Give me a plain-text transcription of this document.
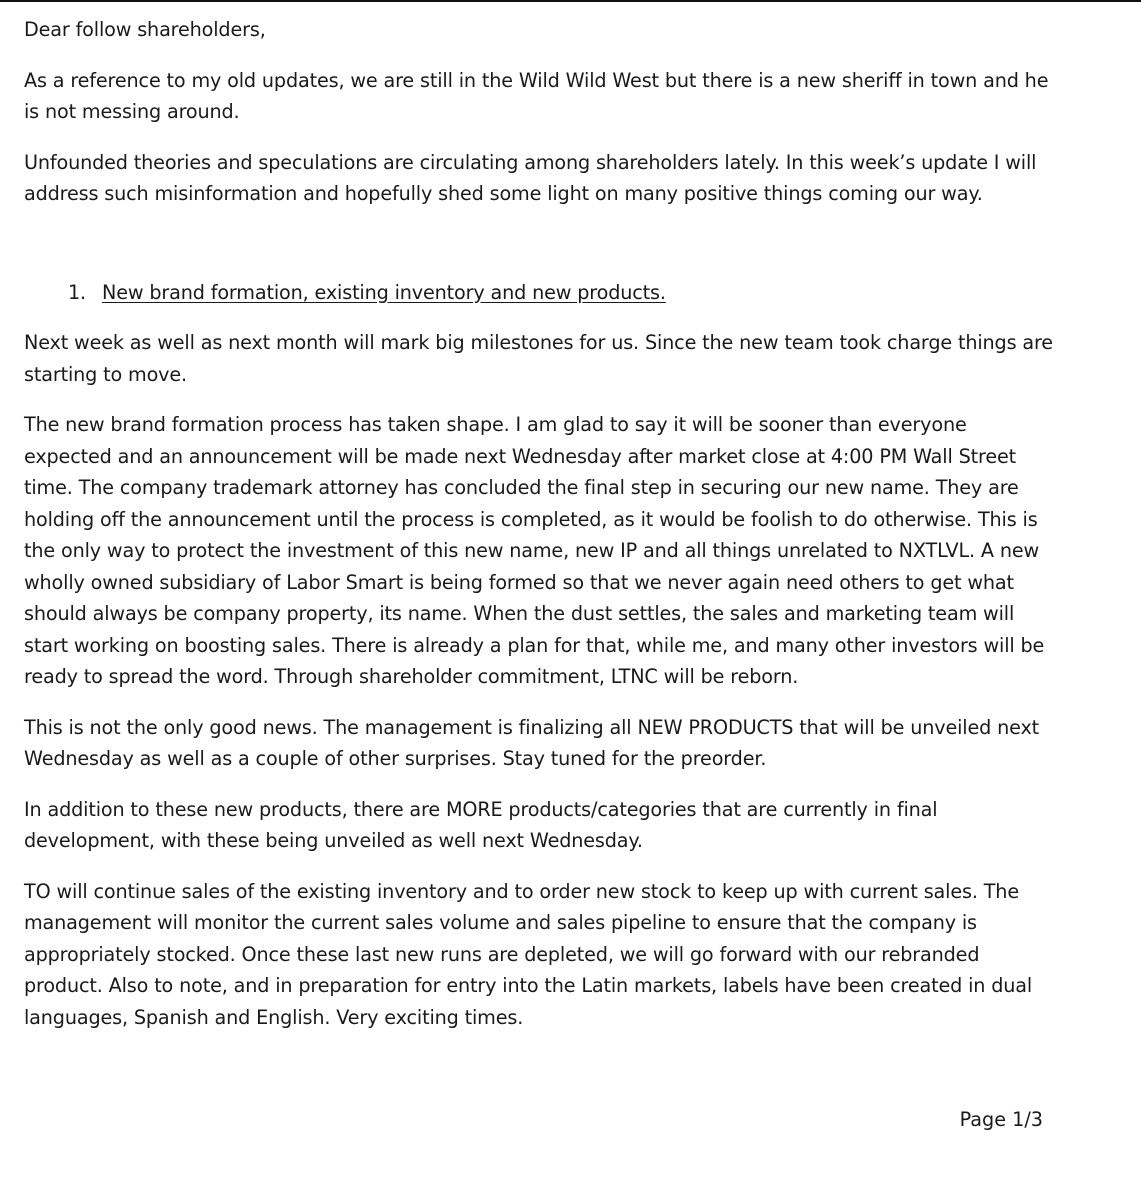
Dear follow shareholders,

As a reference to my old updates, we are still in the Wild Wild West but there is a new sheriff in town and he is not messing around.

Unfounded theories and speculations are circulating among shareholders lately. In this week’s update I will address such misinformation and hopefully shed some light on many positive things coming our way.

1. New brand formation, existing inventory and new products.

Next week as well as next month will mark big milestones for us. Since the new team took charge things are starting to move.

The new brand formation process has taken shape. I am glad to say it will be sooner than everyone expected and an announcement will be made next Wednesday after market close at 4:00 PM Wall Street time. The company trademark attorney has concluded the final step in securing our new name. They are holding off the announcement until the process is completed, as it would be foolish to do otherwise. This is the only way to protect the investment of this new name, new IP and all things unrelated to NXTLVL. A new wholly owned subsidiary of Labor Smart is being formed so that we never again need others to get what should always be company property, its name. When the dust settles, the sales and marketing team will start working on boosting sales. There is already a plan for that, while me, and many other investors will be ready to spread the word. Through shareholder commitment, LTNC will be reborn.

This is not the only good news. The management is finalizing all NEW PRODUCTS that will be unveiled next Wednesday as well as a couple of other surprises. Stay tuned for the preorder.

In addition to these new products, there are MORE products/categories that are currently in final development, with these being unveiled as well next Wednesday.

TO will continue sales of the existing inventory and to order new stock to keep up with current sales. The management will monitor the current sales volume and sales pipeline to ensure that the company is appropriately stocked. Once these last new runs are depleted, we will go forward with our rebranded product. Also to note, and in preparation for entry into the Latin markets, labels have been created in dual languages, Spanish and English. Very exciting times.

Page 1/3
